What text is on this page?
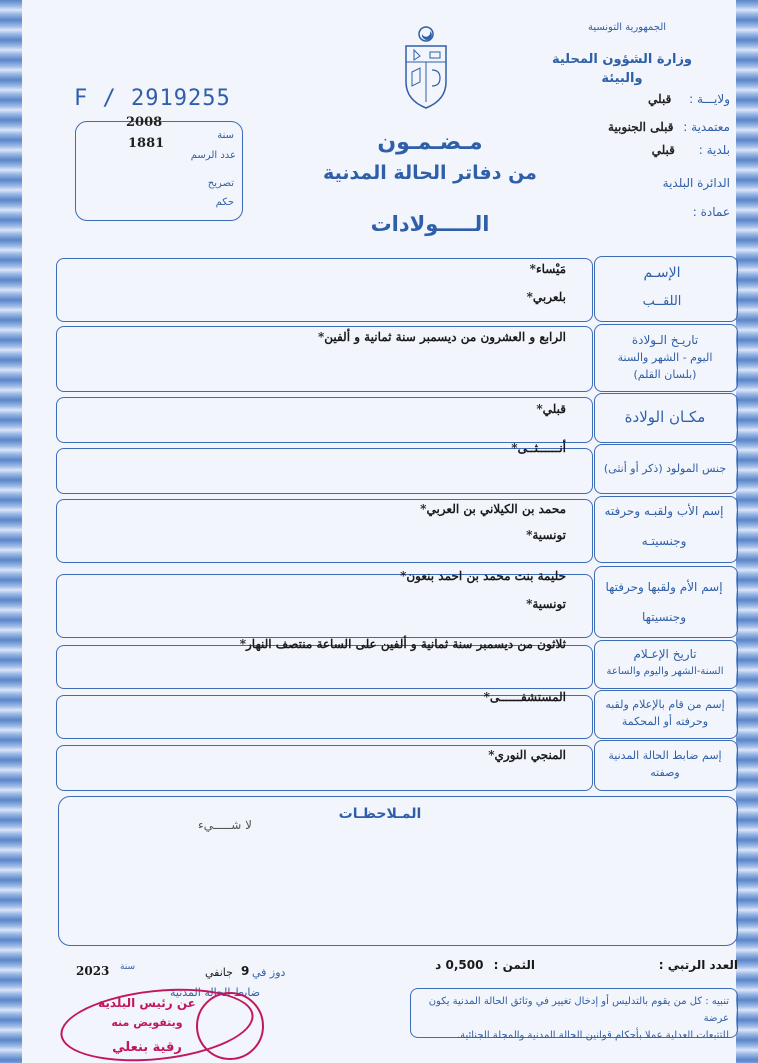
الجمهورية التونسية
وزارة الشؤون المحلية
والبيئة
ولايـــة : قبلي
معتمدية : قبلى الجنوبية
بلدية : قبلي
الدائرة البلدية
عمادة :
F / 2919255
سنة
2008
عدد الرسم
1881
تصريح
حكم
مـضـمـون
من دفاتر الحالة المدنية
الـــــولادات
الإسـم
اللقــب
مَيْساء*
بلعربي*
تاريـخ الـولادة
اليوم - الشهر والسنة
(بلسان القلم)
الرابع و العشرون من ديسمبر سنة ثمانية و ألفين*
مكـان الولادة
قبلي*
جنس المولود (ذكر أو أنثى)
أنــــــثــى*
إسم الأب ولقبـه وحرفته
وجنسيتـه
محمد بن الكيلاني بن العربي*
تونسية*
إسم الأم ولقبها وحرفتها
وجنسيتها
حليمة بنت محمد بن احمد بنعون*
تونسية*
تاريخ الإعـلام
السنة-الشهر واليوم والساعة
ثلاثون من ديسمبر سنة ثمانية و ألفين على الساعة منتصف النهار*
إسم من قام بالإعلام ولقبه
وحرفته أو المحكمة
المستشفــــــى*
إسم ضابط الحالة المدنية
وصفته
المنجي النوري*
المـلاحظـات
لا شـــــيء
العدد الرتبي :
الثمن : 0,500 د
2023 سنة	جانفي 9 دوز في
ضابط الحالة المدنية
عن رئيس البلدية
وبتفويض منه
رقية بنعلي
تنبيه : كل من يقوم بالتدليس أو إدخال تغيير في وثائق الحالة المدنية يكون عرضة
للتتبعات العدلية عملا بأحكام قوانين الحالة المدنية والمجلة الجنائية.
